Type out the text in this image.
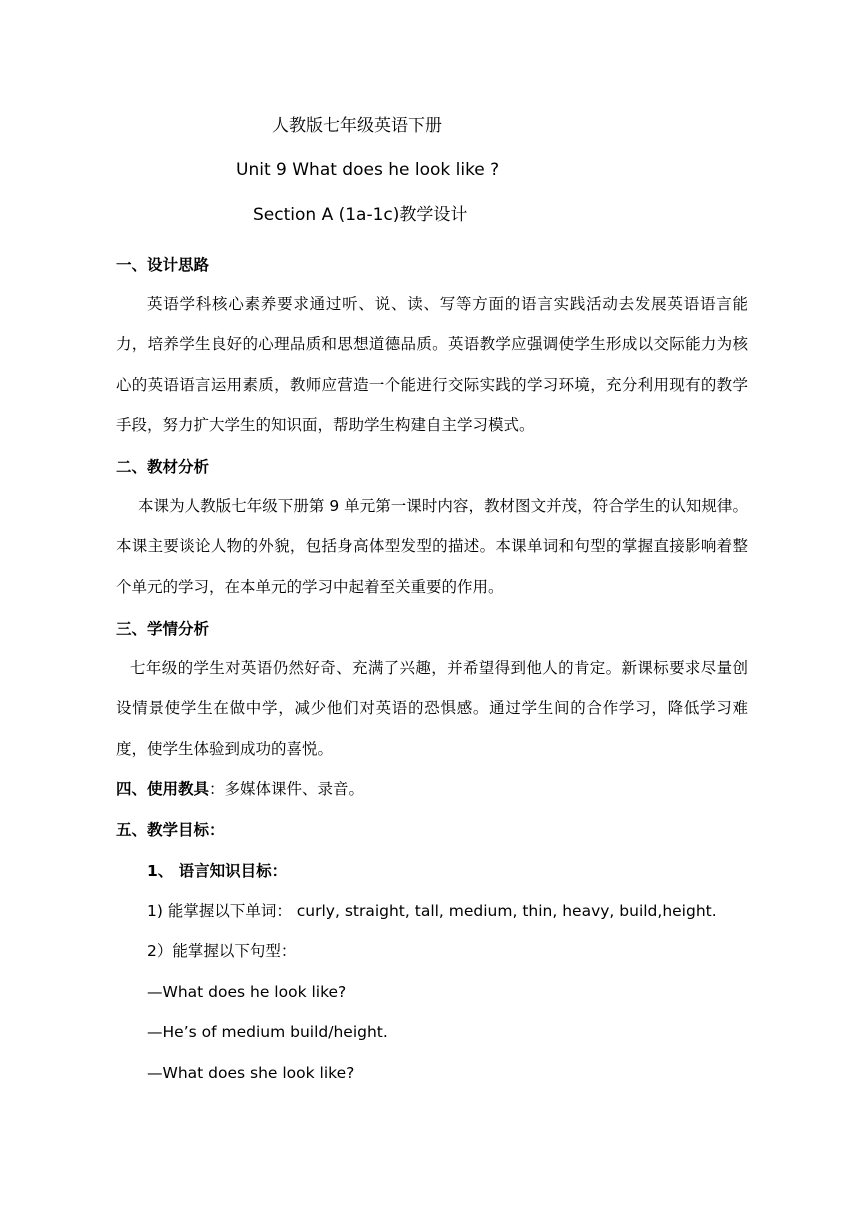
人教版七年级英语下册
Unit 9 What does he look like ?
Section A (1a-1c)教学设计
一、设计思路
英语学科核心素养要求通过听、说、读、写等方面的语言实践活动去发展英语语言能力，培养学生良好的心理品质和思想道德品质。英语教学应强调使学生形成以交际能力为核心的英语语言运用素质，教师应营造一个能进行交际实践的学习环境，充分利用现有的教学手段，努力扩大学生的知识面，帮助学生构建自主学习模式。
二、教材分析
本课为人教版七年级下册第 9 单元第一课时内容，教材图文并茂，符合学生的认知规律。本课主要谈论人物的外貌，包括身高体型发型的描述。本课单词和句型的掌握直接影响着整个单元的学习，在本单元的学习中起着至关重要的作用。
三、学情分析
七年级的学生对英语仍然好奇、充满了兴趣，并希望得到他人的肯定。新课标要求尽量创设情景使学生在做中学，减少他们对英语的恐惧感。通过学生间的合作学习，降低学习难度，使学生体验到成功的喜悦。
四、使用教具：多媒体课件、录音。
五、教学目标：
1、 语言知识目标：
1) 能掌握以下单词： curly, straight, tall, medium, thin, heavy, build,height.
2）能掌握以下句型：
—What does he look like?
—He’s of medium build/height.
—What does she look like?
